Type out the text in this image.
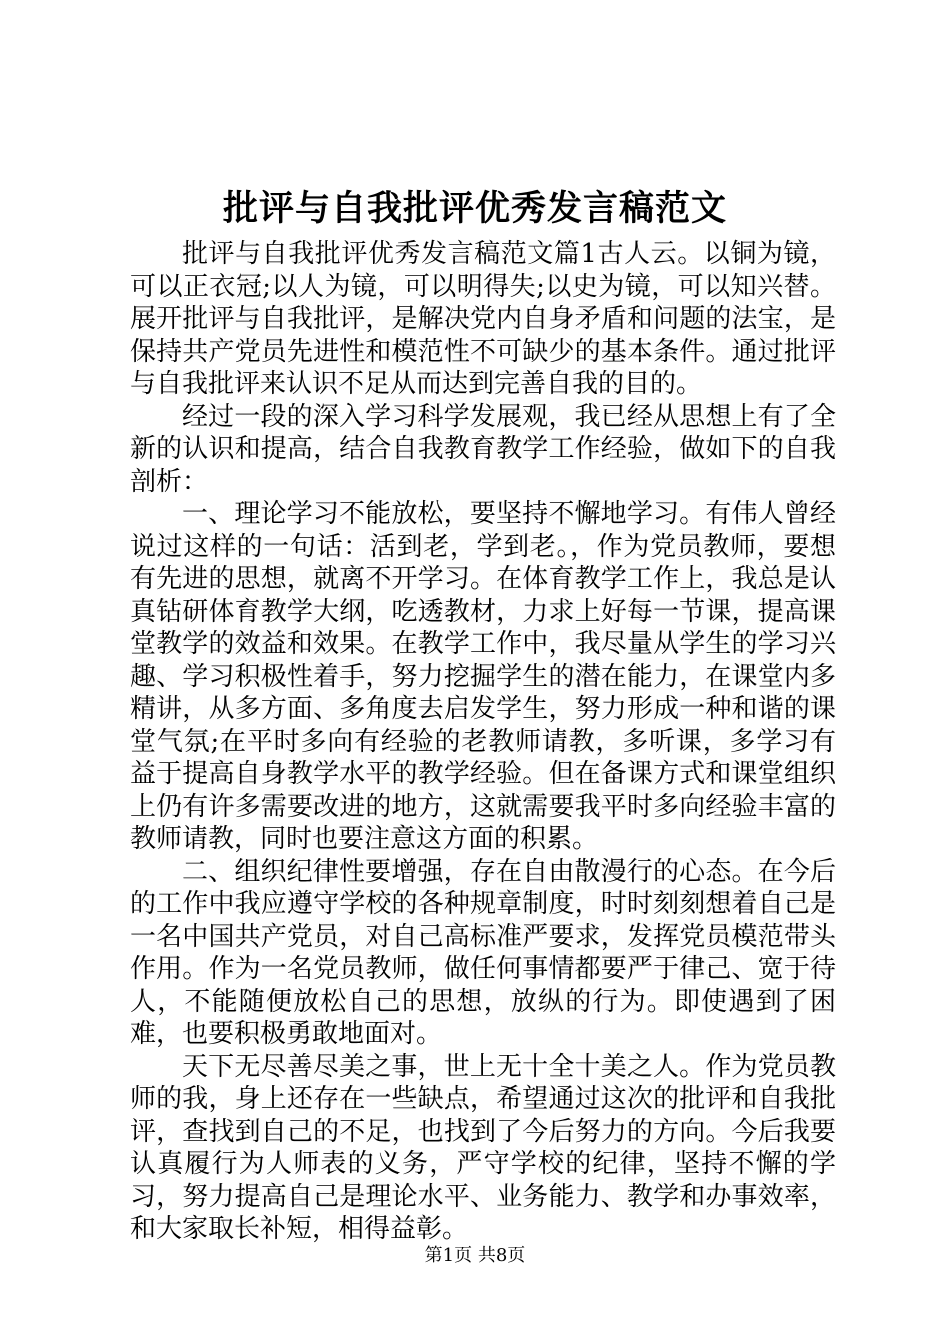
批评与自我批评优秀发言稿范文

批评与自我批评优秀发言稿范文篇1古人云。以铜为镜，可以正衣冠;以人为镜，可以明得失;以史为镜，可以知兴替。展开批评与自我批评，是解决党内自身矛盾和问题的法宝，是保持共产党员先进性和模范性不可缺少的基本条件。通过批评与自我批评来认识不足从而达到完善自我的目的。

经过一段的深入学习科学发展观，我已经从思想上有了全新的认识和提高，结合自我教育教学工作经验，做如下的自我剖析：

一、理论学习不能放松，要坚持不懈地学习。有伟人曾经说过这样的一句话：活到老，学到老。，作为党员教师，要想有先进的思想，就离不开学习。在体育教学工作上，我总是认真钻研体育教学大纲，吃透教材，力求上好每一节课，提高课堂教学的效益和效果。在教学工作中，我尽量从学生的学习兴趣、学习积极性着手，努力挖掘学生的潜在能力，在课堂内多精讲，从多方面、多角度去启发学生，努力形成一种和谐的课堂气氛;在平时多向有经验的老教师请教，多听课，多学习有益于提高自身教学水平的教学经验。但在备课方式和课堂组织上仍有许多需要改进的地方，这就需要我平时多向经验丰富的教师请教，同时也要注意这方面的积累。

二、组织纪律性要增强，存在自由散漫行的心态。在今后的工作中我应遵守学校的各种规章制度，时时刻刻想着自己是一名中国共产党员，对自己高标准严要求，发挥党员模范带头作用。作为一名党员教师，做任何事情都要严于律己、宽于待人，不能随便放松自己的思想，放纵的行为。即使遇到了困难，也要积极勇敢地面对。

天下无尽善尽美之事，世上无十全十美之人。作为党员教师的我，身上还存在一些缺点，希望通过这次的批评和自我批评，查找到自己的不足，也找到了今后努力的方向。今后我要认真履行为人师表的义务，严守学校的纪律，坚持不懈的学习，努力提高自己是理论水平、业务能力、教学和办事效率，和大家取长补短，相得益彰。

第1页 共8页
